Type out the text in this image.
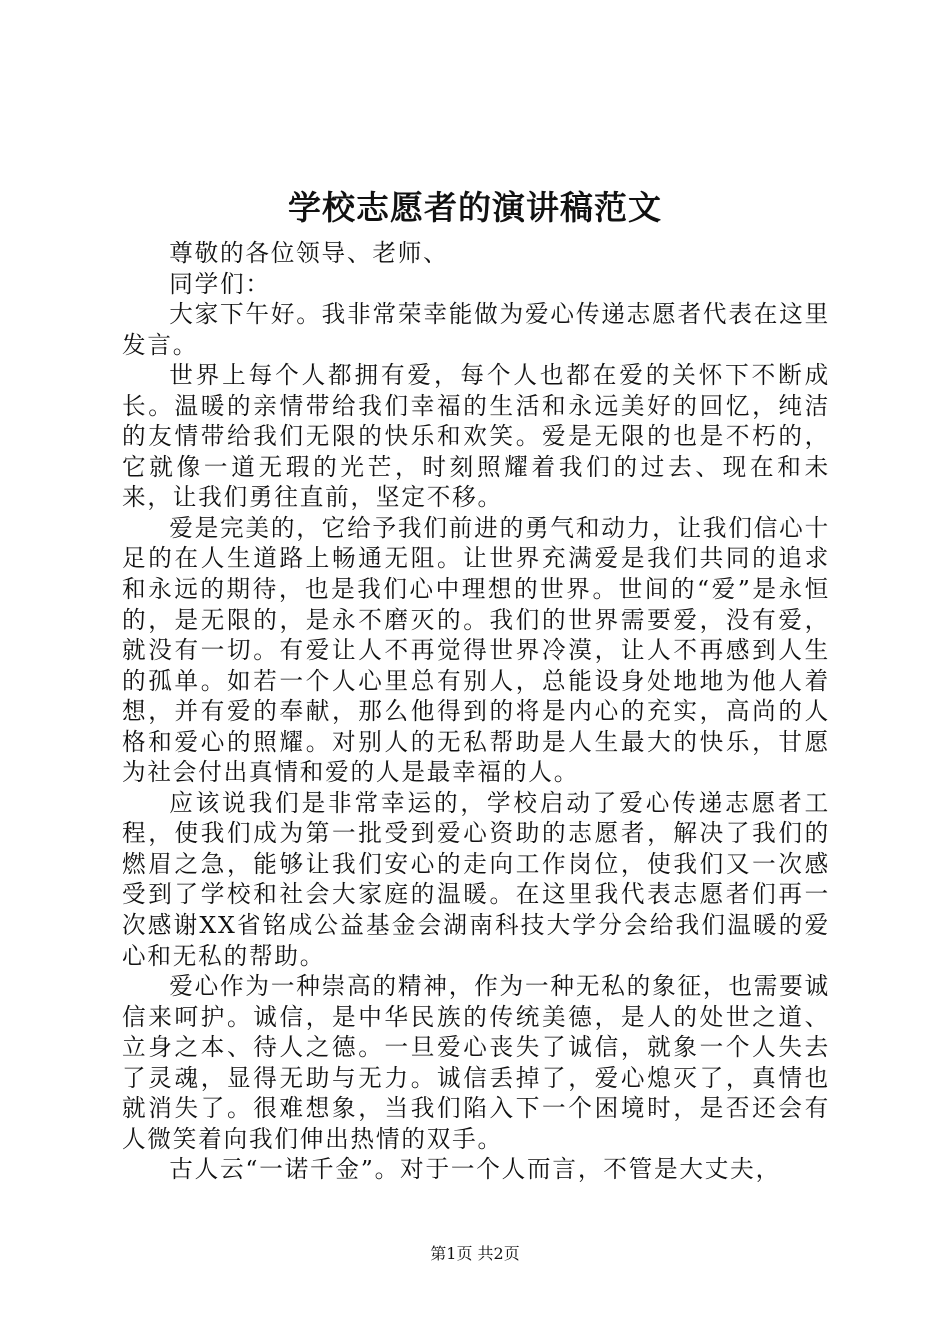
学校志愿者的演讲稿范文

尊敬的各位领导、老师、

同学们：

大家下午好。我非常荣幸能做为爱心传递志愿者代表在这里发言。

世界上每个人都拥有爱，每个人也都在爱的关怀下不断成长。温暖的亲情带给我们幸福的生活和永远美好的回忆，纯洁的友情带给我们无限的快乐和欢笑。爱是无限的也是不朽的，它就像一道无瑕的光芒，时刻照耀着我们的过去、现在和未来，让我们勇往直前，坚定不移。

爱是完美的，它给予我们前进的勇气和动力，让我们信心十足的在人生道路上畅通无阻。让世界充满爱是我们共同的追求和永远的期待，也是我们心中理想的世界。世间的“爱”是永恒的，是无限的，是永不磨灭的。我们的世界需要爱，没有爱，就没有一切。有爱让人不再觉得世界冷漠，让人不再感到人生的孤单。如若一个人心里总有别人，总能设身处地地为他人着想，并有爱的奉献，那么他得到的将是内心的充实，高尚的人格和爱心的照耀。对别人的无私帮助是人生最大的快乐，甘愿为社会付出真情和爱的人是最幸福的人。

应该说我们是非常幸运的，学校启动了爱心传递志愿者工程，使我们成为第一批受到爱心资助的志愿者，解决了我们的燃眉之急，能够让我们安心的走向工作岗位，使我们又一次感受到了学校和社会大家庭的温暖。在这里我代表志愿者们再一次感谢XX省铭成公益基金会湖南科技大学分会给我们温暖的爱心和无私的帮助。

爱心作为一种崇高的精神，作为一种无私的象征，也需要诚信来呵护。诚信，是中华民族的传统美德，是人的处世之道、立身之本、待人之德。一旦爱心丧失了诚信，就象一个人失去了灵魂，显得无助与无力。诚信丢掉了，爱心熄灭了，真情也就消失了。很难想象，当我们陷入下一个困境时，是否还会有人微笑着向我们伸出热情的双手。

古人云“一诺千金”。对于一个人而言，不管是大丈夫，

第1页 共2页
